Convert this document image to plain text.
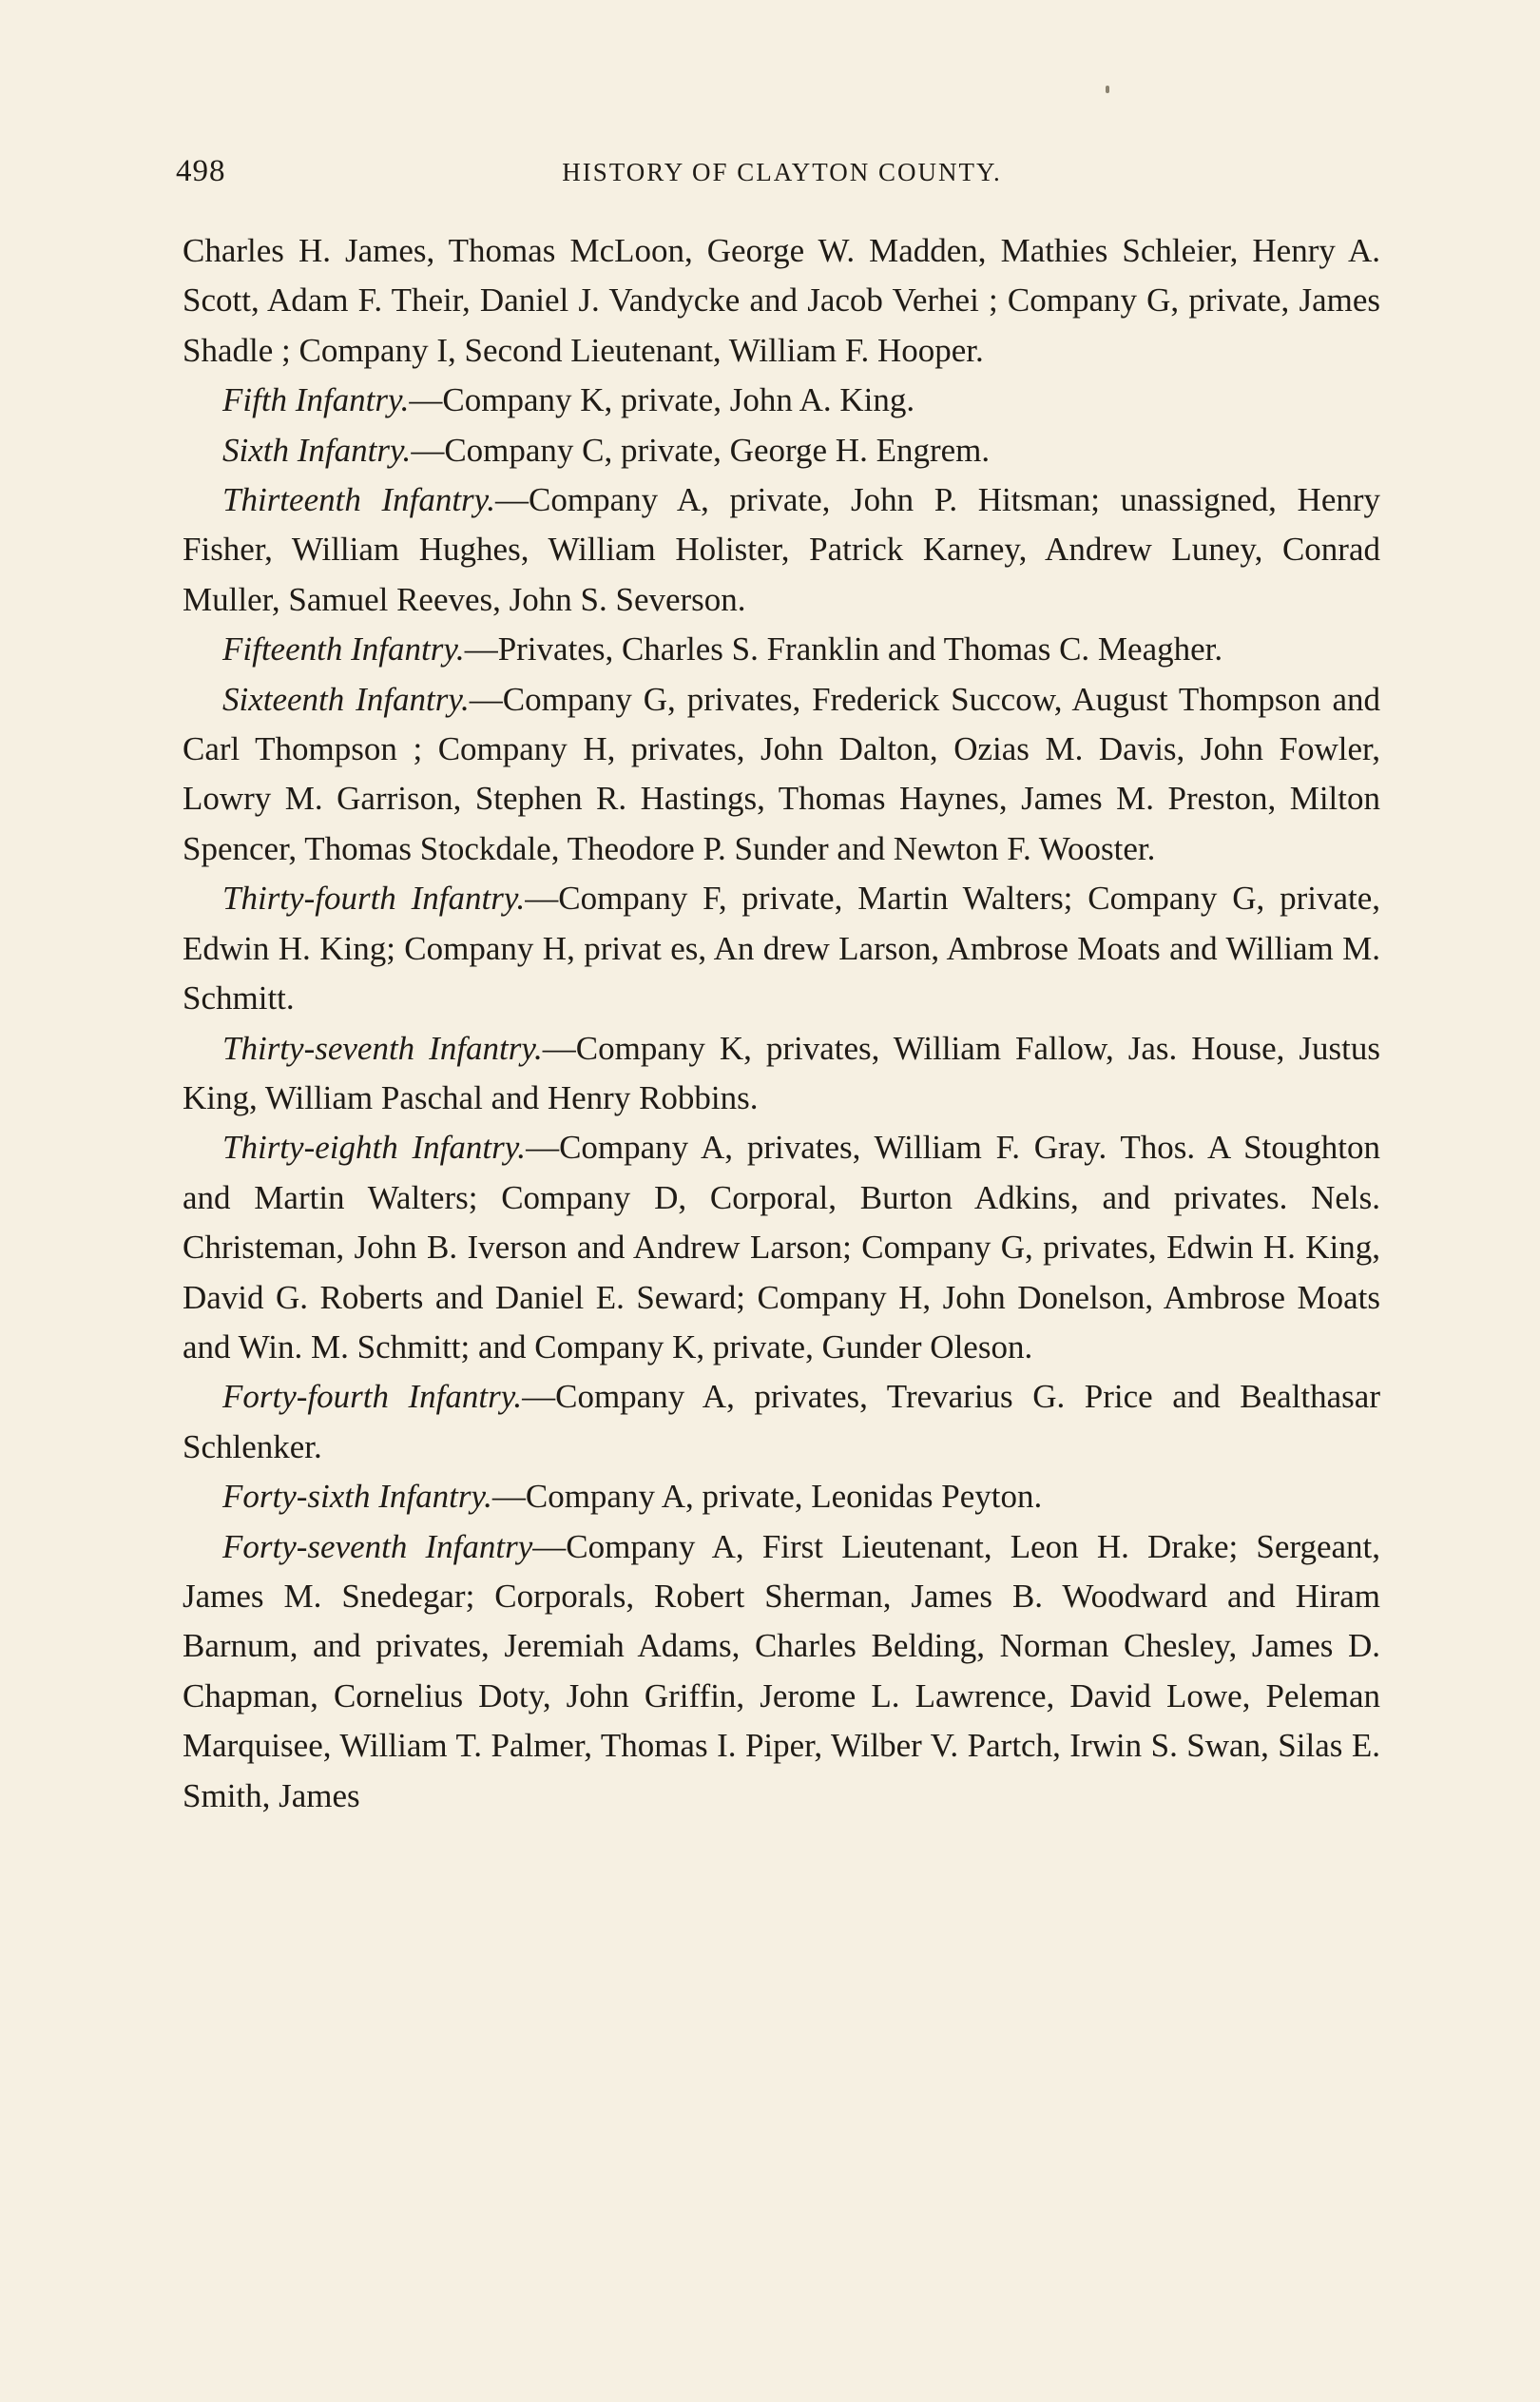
498	HISTORY OF CLAYTON COUNTY.

Charles H. James, Thomas McLoon, George W. Madden, Mathies Schleier, Henry A. Scott, Adam F. Their, Daniel J. Vandycke and Jacob Verhei ; Company G, private, James Shadle ; Company I, Second Lieutenant, William F. Hooper.

Fifth Infantry.—Company K, private, John A. King.

Sixth Infantry.—Company C, private, George H. Engrem.

Thirteenth Infantry.—Company A, private, John P. Hitsman; unassigned, Henry Fisher, William Hughes, William Holister, Patrick Karney, Andrew Luney, Conrad Muller, Samuel Reeves, John S. Severson.

Fifteenth Infantry.—Privates, Charles S. Franklin and Thomas C. Meagher.

Sixteenth Infantry.—Company G, privates, Frederick Succow, August Thompson and Carl Thompson ; Company H, privates, John Dalton, Ozias M. Davis, John Fowler, Lowry M. Garrison, Stephen R. Hastings, Thomas Haynes, James M. Preston, Milton Spencer, Thomas Stockdale, Theodore P. Sunder and Newton F. Wooster.

Thirty-fourth Infantry.—Company F, private, Martin Walters; Company G, private, Edwin H. King; Company H, privat es, An drew Larson, Ambrose Moats and William M. Schmitt.

Thirty-seventh Infantry.—Company K, privates, William Fallow, Jas. House, Justus King, William Paschal and Henry Robbins.

Thirty-eighth Infantry.—Company A, privates, William F. Gray. Thos. A Stoughton and Martin Walters; Company D, Corporal, Burton Adkins, and privates. Nels. Christeman, John B. Iverson and Andrew Larson; Company G, privates, Edwin H. King, David G. Roberts and Daniel E. Seward; Company H, John Donelson, Ambrose Moats and Win. M. Schmitt; and Company K, private, Gunder Oleson.

Forty-fourth Infantry.—Company A, privates, Trevarius G. Price and Bealthasar Schlenker.

Forty-sixth Infantry.—Company A, private, Leonidas Peyton.

Forty-seventh Infantry—Company A, First Lieutenant, Leon H. Drake; Sergeant, James M. Snedegar; Corporals, Robert Sherman, James B. Woodward and Hiram Barnum, and privates, Jeremiah Adams, Charles Belding, Norman Chesley, James D. Chapman, Cornelius Doty, John Griffin, Jerome L. Lawrence, David Lowe, Peleman Marquisee, William T. Palmer, Thomas I. Piper, Wilber V. Partch, Irwin S. Swan, Silas E. Smith, James
